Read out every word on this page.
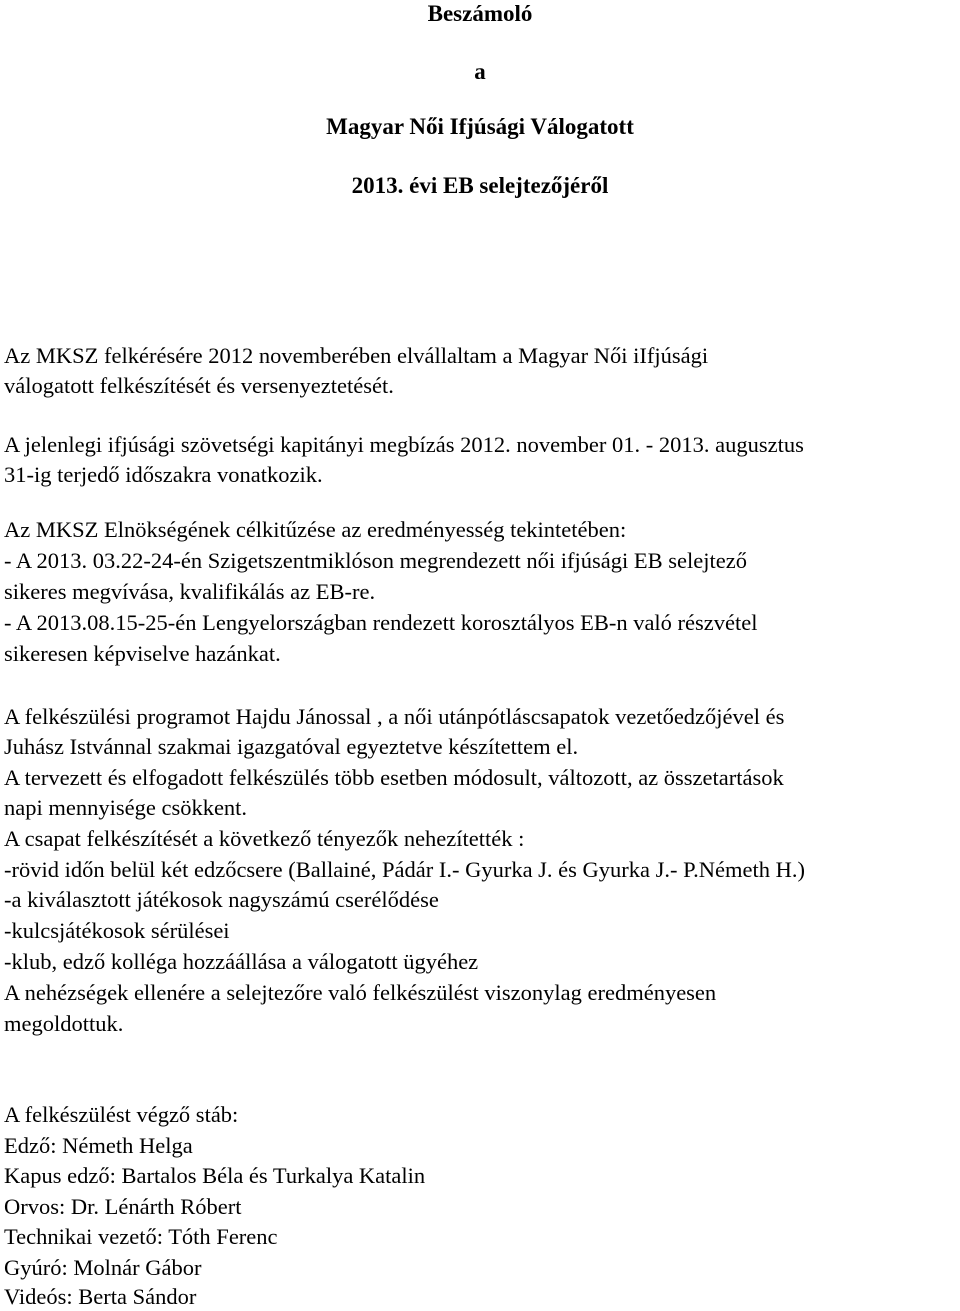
Beszámoló
a
Magyar Női Ifjúsági Válogatott
2013. évi EB selejtezőjéről

Az MKSZ felkérésére 2012 novemberében elvállaltam a Magyar Női iIfjúsági

válogatott felkészítését és versenyeztetését.

A jelenlegi ifjúsági szövetségi kapitányi megbízás 2012. november 01. - 2013. augusztus

31-ig terjedő időszakra vonatkozik.

Az MKSZ Elnökségének célkitűzése az eredményesség tekintetében:

- A 2013. 03.22-24-én Szigetszentmiklóson megrendezett női ifjúsági EB selejtező

sikeres megvívása, kvalifikálás az EB-re.

- A 2013.08.15-25-én Lengyelországban rendezett korosztályos EB-n való részvétel

sikeresen képviselve hazánkat.

A felkészülési programot Hajdu Jánossal , a női utánpótláscsapatok vezetőedzőjével és

Juhász Istvánnal szakmai igazgatóval egyeztetve készítettem el.

A tervezett és elfogadott felkészülés több esetben módosult, változott, az összetartások

napi mennyisége csökkent.

A csapat felkészítését a következő tényezők nehezítették :

-rövid időn belül két edzőcsere (Ballainé, Pádár I.- Gyurka J. és Gyurka J.- P.Németh H.)

-a kiválasztott játékosok nagyszámú cserélődése

-kulcsjátékosok sérülései

-klub, edző kolléga hozzáállása a válogatott ügyéhez

A nehézségek ellenére a selejtezőre való felkészülést viszonylag eredményesen

megoldottuk.

A felkészülést végző stáb:

Edző: Németh Helga

Kapus edző: Bartalos Béla és Turkalya Katalin

Orvos: Dr. Lénárth Róbert

Technikai vezető: Tóth Ferenc

Gyúró: Molnár Gábor

Videós: Berta Sándor
